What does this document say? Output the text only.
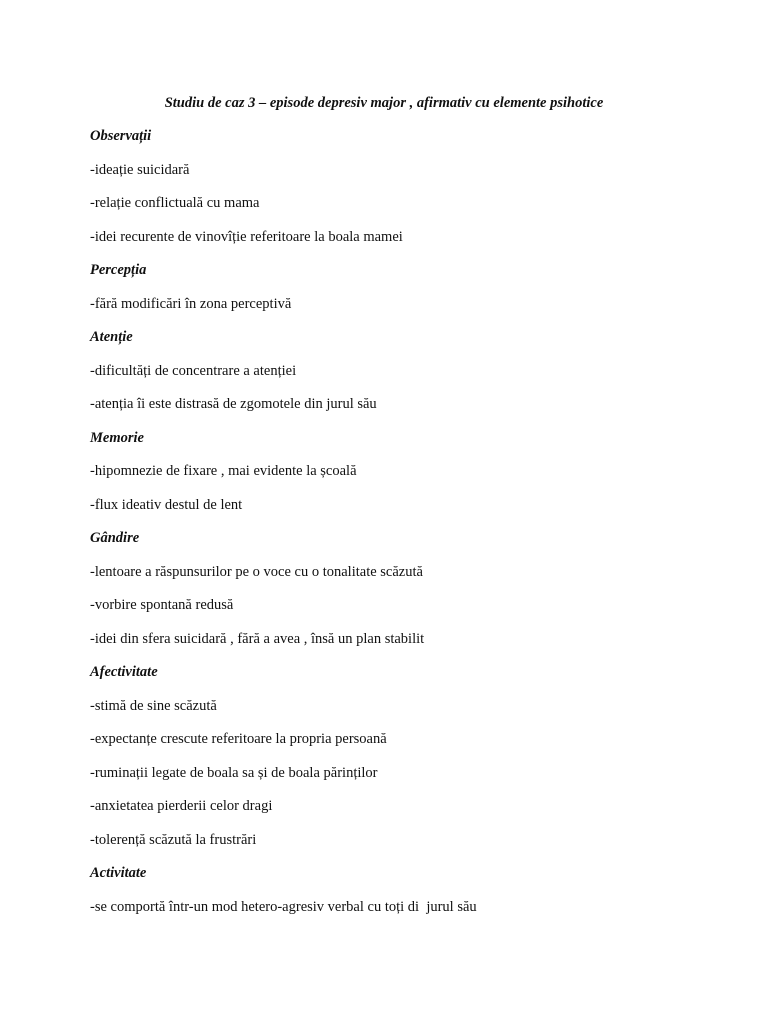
Studiu de caz 3 – episode depresiv major , afirmativ cu elemente psihotice
Observații
-ideație suicidară
-relație conflictuală cu mama
-idei recurente de vinovîție referitoare la boala mamei
Percepția
-fără modificări în zona perceptivă
Atenție
-dificultăți de concentrare a atenției
-atenția îi este distrasă de zgomotele din jurul său
Memorie
-hipomnezie de fixare , mai evidente la școală
-flux ideativ destul de lent
Gândire
-lentoare a răspunsurilor pe o voce cu o tonalitate scăzută
-vorbire spontană redusă
-idei din sfera suicidară , fără a avea , însă un plan stabilit
Afectivitate
-stimă de sine scăzută
-expectanțe crescute referitoare la propria persoană
-ruminații legate de boala sa și de boala părinților
-anxietatea pierderii celor dragi
-tolerență scăzută la frustrări
Activitate
-se comportă într-un mod hetero-agresiv verbal cu toți di  jurul său
